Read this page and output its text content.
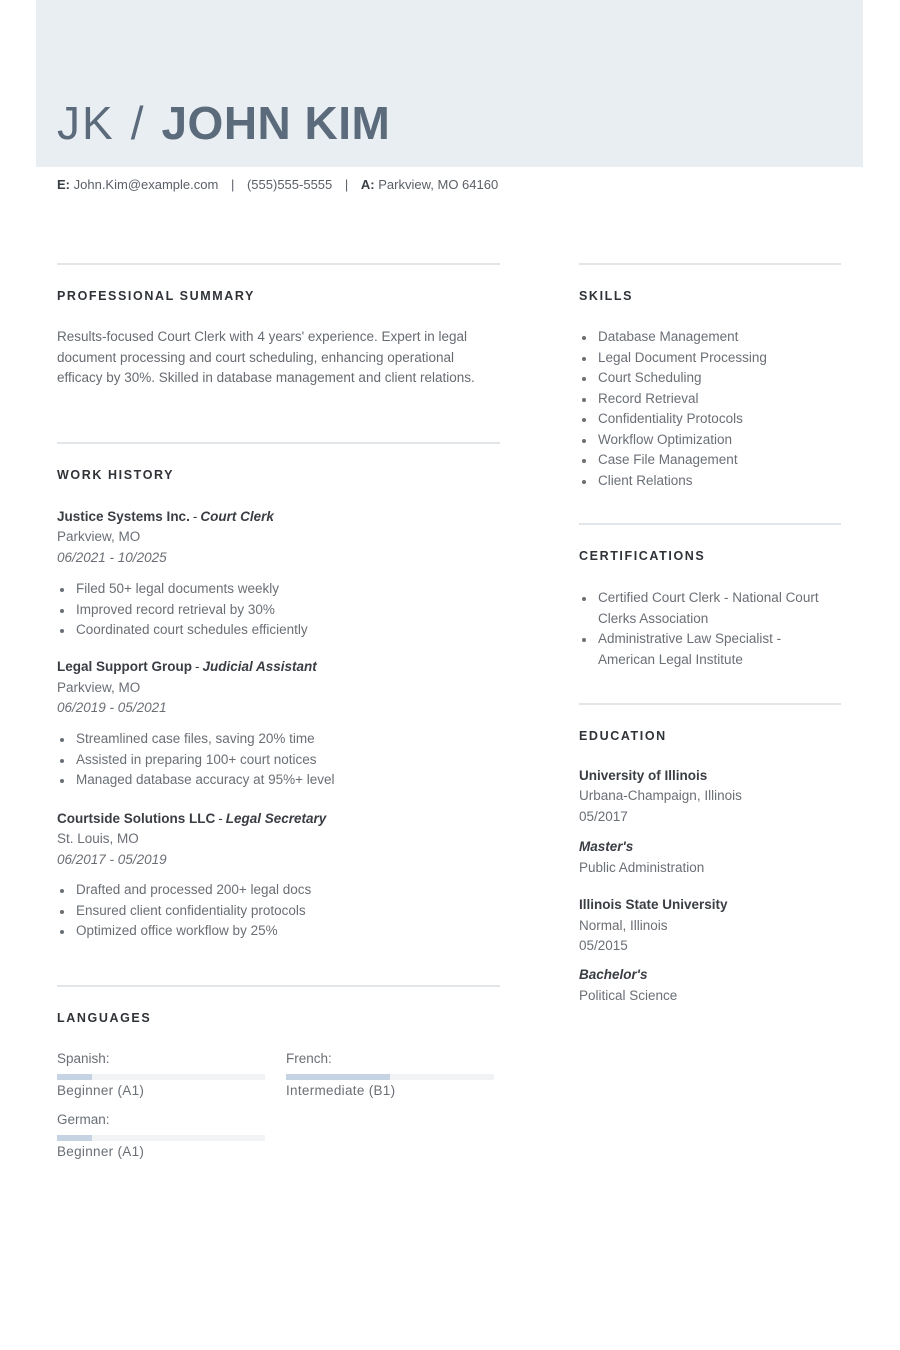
JK / JOHN KIM
E: John.Kim@example.com | (555)555-5555 | A: Parkview, MO 64160
PROFESSIONAL SUMMARY
Results-focused Court Clerk with 4 years' experience. Expert in legal document processing and court scheduling, enhancing operational efficacy by 30%. Skilled in database management and client relations.
WORK HISTORY
Justice Systems Inc. - Court Clerk
Parkview, MO
06/2021 - 10/2025
Filed 50+ legal documents weekly
Improved record retrieval by 30%
Coordinated court schedules efficiently
Legal Support Group - Judicial Assistant
Parkview, MO
06/2019 - 05/2021
Streamlined case files, saving 20% time
Assisted in preparing 100+ court notices
Managed database accuracy at 95%+ level
Courtside Solutions LLC - Legal Secretary
St. Louis, MO
06/2017 - 05/2019
Drafted and processed 200+ legal docs
Ensured client confidentiality protocols
Optimized office workflow by 25%
LANGUAGES
Spanish:
Beginner (A1)
French:
Intermediate (B1)
German:
Beginner (A1)
SKILLS
Database Management
Legal Document Processing
Court Scheduling
Record Retrieval
Confidentiality Protocols
Workflow Optimization
Case File Management
Client Relations
CERTIFICATIONS
Certified Court Clerk - National Court Clerks Association
Administrative Law Specialist - American Legal Institute
EDUCATION
University of Illinois
Urbana-Champaign, Illinois
05/2017
Master's
Public Administration
Illinois State University
Normal, Illinois
05/2015
Bachelor's
Political Science
